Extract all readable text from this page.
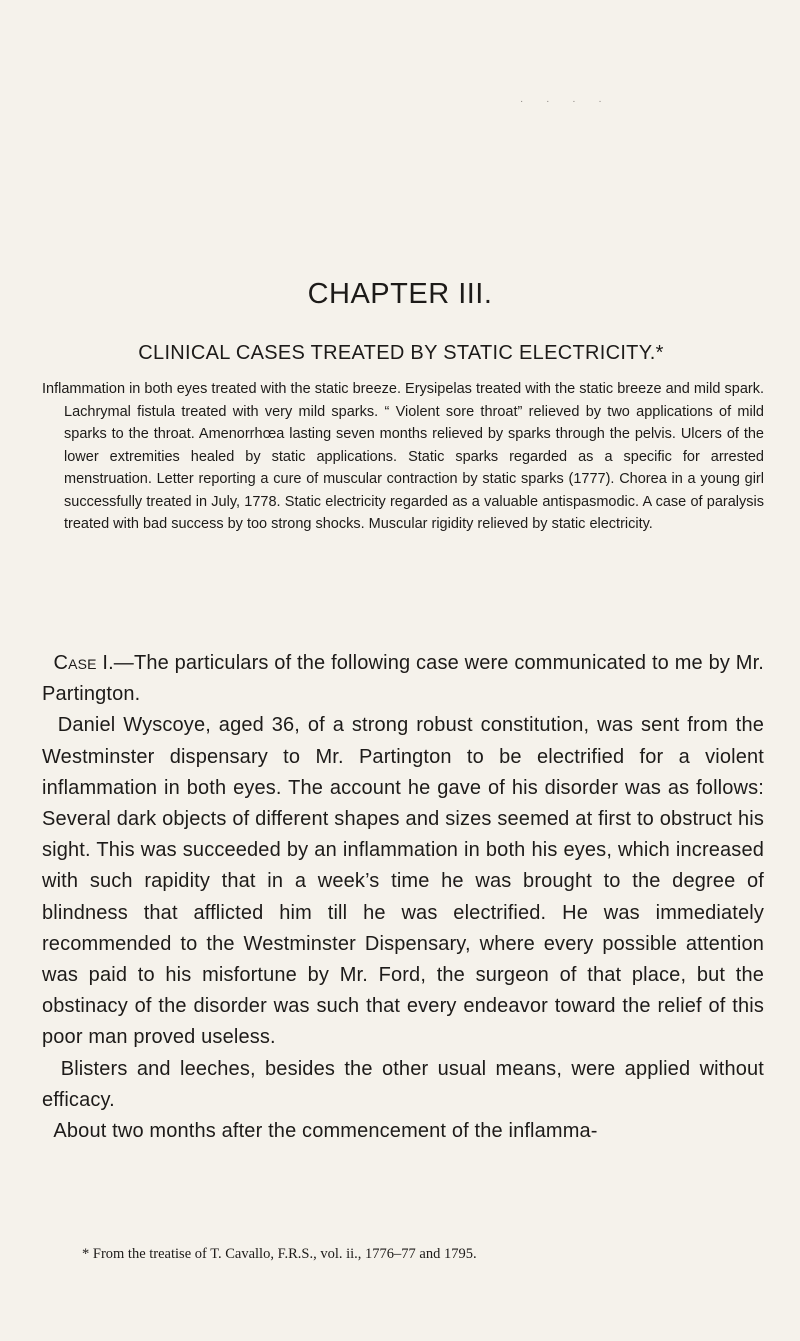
· · · ·
CHAPTER III.
CLINICAL CASES TREATED BY STATIC ELECTRICITY.*
Inflammation in both eyes treated with the static breeze. Erysipelas treated with the static breeze and mild spark. Lachrymal fistula treated with very mild sparks. “ Violent sore throat” relieved by two applications of mild sparks to the throat. Amenorrhœa lasting seven months relieved by sparks through the pelvis. Ulcers of the lower extremities healed by static applications. Static sparks regarded as a specific for arrested menstruation. Letter reporting a cure of muscular contraction by static sparks (1777). Chorea in a young girl successfully treated in July, 1778. Static electricity regarded as a valuable antispasmodic. A case of paralysis treated with bad success by too strong shocks. Muscular rigidity relieved by static electricity.

Case I.—The particulars of the following case were communicated to me by Mr. Partington.

Daniel Wyscoye, aged 36, of a strong robust constitution, was sent from the Westminster dispensary to Mr. Partington to be electrified for a violent inflammation in both eyes. The account he gave of his disorder was as follows: Several dark objects of different shapes and sizes seemed at first to obstruct his sight. This was succeeded by an inflammation in both his eyes, which increased with such rapidity that in a week’s time he was brought to the degree of blindness that afflicted him till he was electrified. He was immediately recommended to the Westminster Dispensary, where every possible attention was paid to his misfortune by Mr. Ford, the surgeon of that place, but the obstinacy of the disorder was such that every endeavor toward the relief of this poor man proved useless.

Blisters and leeches, besides the other usual means, were applied without efficacy.

About two months after the commencement of the inflamma-

* From the treatise of T. Cavallo, F.R.S., vol. ii., 1776–77 and 1795.
